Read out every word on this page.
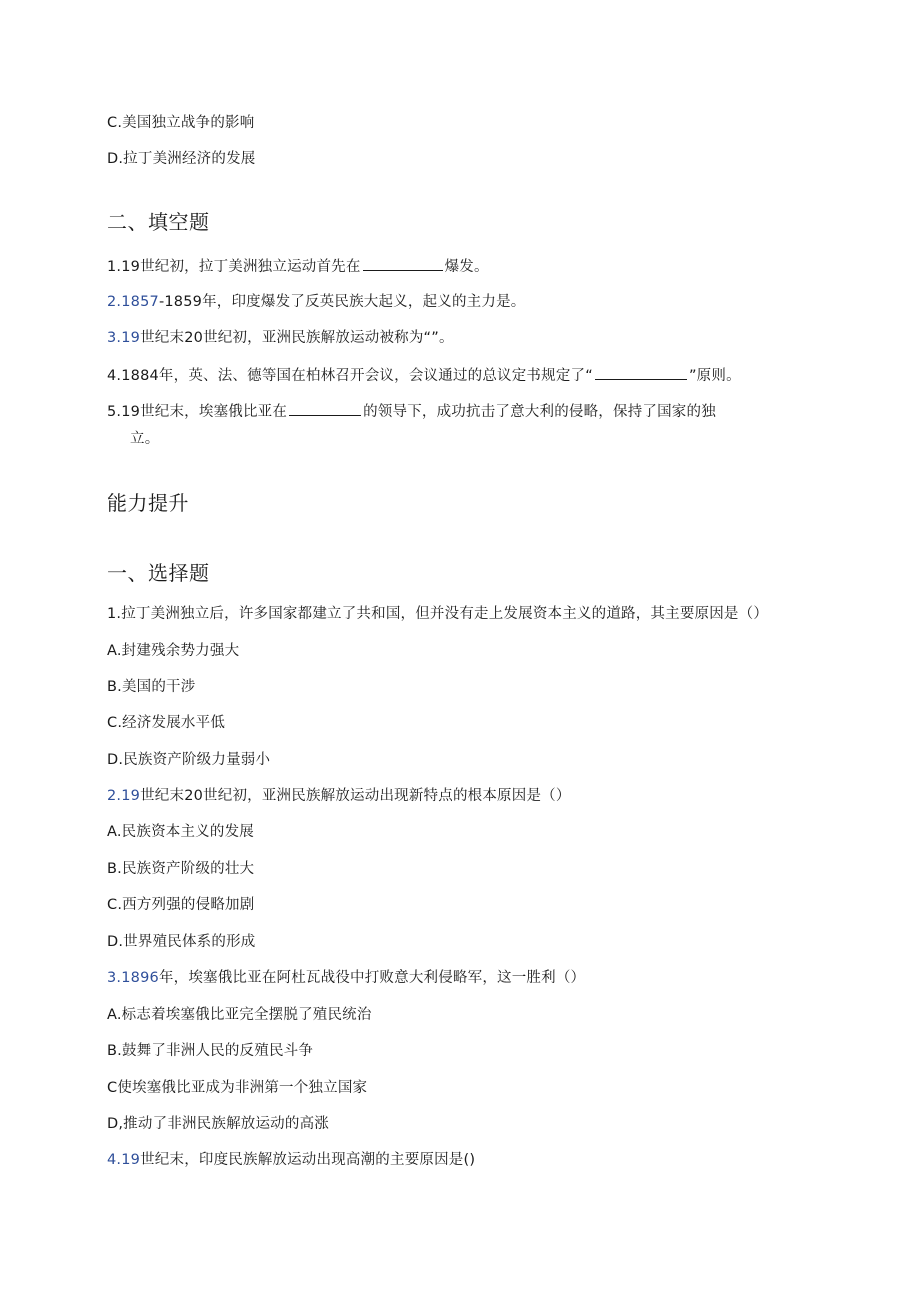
C.美国独立战争的影响
D.拉丁美洲经济的发展
二、填空题
1.19世纪初，拉丁美洲独立运动首先在	爆发。
2.1857-1859年，印度爆发了反英民族大起义，起义的主力是。
3.19世纪末20世纪初，亚洲民族解放运动被称为“”。
4.1884年，英、法、德等国在柏林召开会议，会议通过的总议定书规定了“	”原则。
5.19世纪末，埃塞俄比亚在	的领导下，成功抗击了意大利的侵略，保持了国家的独
立。
能力提升
一、选择题
1.拉丁美洲独立后，许多国家都建立了共和国，但并没有走上发展资本主义的道路，其主要原因是（）
A.封建残余势力强大
B.美国的干涉
C.经济发展水平低
D.民族资产阶级力量弱小
2.19世纪末20世纪初，亚洲民族解放运动出现新特点的根本原因是（）
A.民族资本主义的发展
B.民族资产阶级的壮大
C.西方列强的侵略加剧
D.世界殖民体系的形成
3.1896年，埃塞俄比亚在阿杜瓦战役中打败意大利侵略军，这一胜利（）
A.标志着埃塞俄比亚完全摆脱了殖民统治
B.鼓舞了非洲人民的反殖民斗争
C使埃塞俄比亚成为非洲第一个独立国家
D,推动了非洲民族解放运动的高涨
4.19世纪末，印度民族解放运动出现高潮的主要原因是()
